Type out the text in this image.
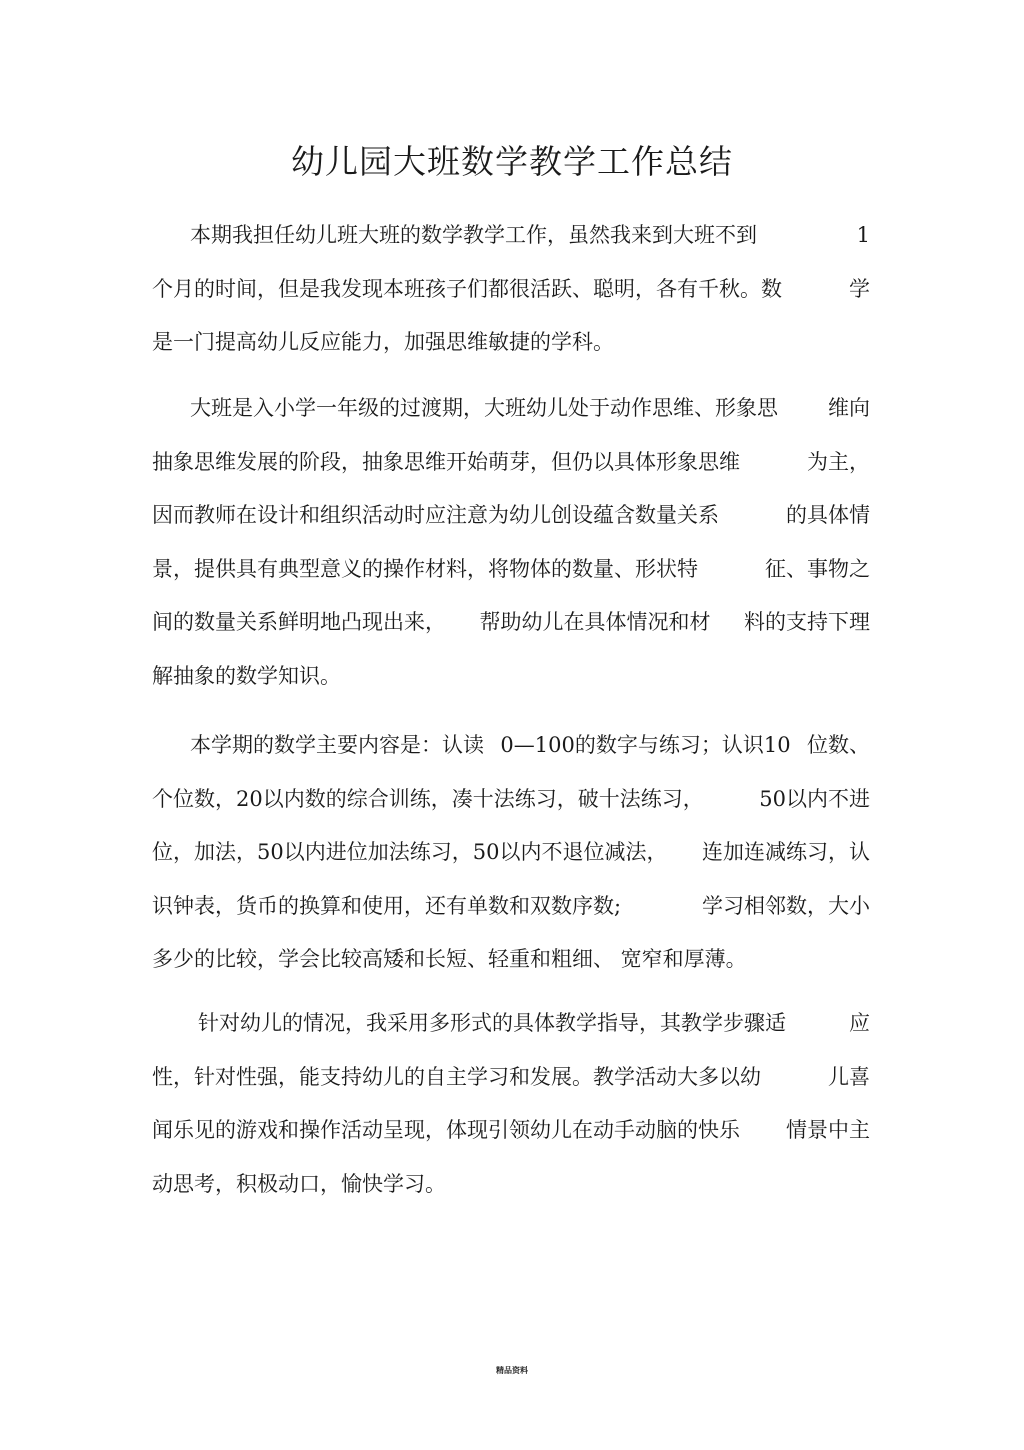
幼儿园大班数学教学工作总结
本期我担任幼儿班大班的数学教学工作，虽然我来到大班不到	1
个月的时间，但是我发现本班孩子们都很活跃、聪明，各有千秋。数	学
是一门提高幼儿反应能力，加强思维敏捷的学科。
大班是入小学一年级的过渡期，大班幼儿处于动作思维、形象思 维向
抽象思维发展的阶段，抽象思维开始萌芽，但仍以具体形象思维	为主，
因而教师在设计和组织活动时应注意为幼儿创设蕴含数量关系	的具体情
景，提供具有典型意义的操作材料，将物体的数量、形状特	征、事物之
间的数量关系鲜明地凸现出来， 帮助幼儿在具体情况和材 料的支持下理
解抽象的数学知识。
本学期的数学主要内容是：认读 0—100的数字与练习；认识10 位数、
个位数，20以内数的综合训练，凑十法练习，破十法练习，	50以内不进
位，加法，50以内进位加法练习，50以内不退位减法， 连加连减练习，认
识钟表，货币的换算和使用，还有单数和双数序数;	学习相邻数，大小
多少的比较，学会比较高矮和长短、轻重和粗细、 宽窄和厚薄。
针对幼儿的情况，我采用多形式的具体教学指导，其教学步骤适	应
性，针对性强，能支持幼儿的自主学习和发展。教学活动大多以幼	儿喜
闻乐见的游戏和操作活动呈现，体现引领幼儿在动手动脑的快乐 情景中主
动思考，积极动口，愉快学习。
精品资料
